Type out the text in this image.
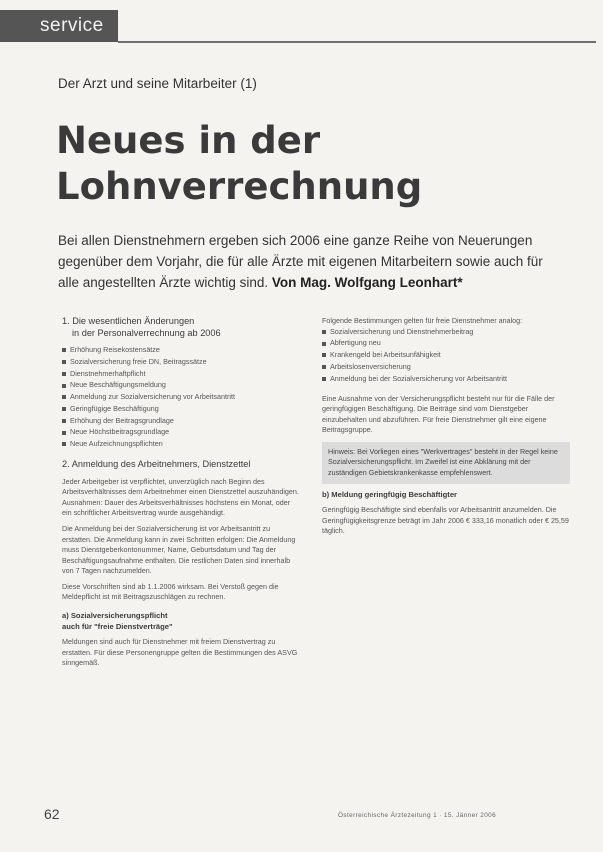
service
Der Arzt und seine Mitarbeiter (1)
Neues in der
Lohnverrechnung

Bei allen Dienstnehmern ergeben sich 2006 eine ganze Reihe von Neuerungen gegenüber dem Vorjahr, die für alle Ärzte mit eigenen Mitarbeitern sowie auch für alle angestellten Ärzte wichtig sind. Von Mag. Wolfgang Leonhart*

1. Die wesentlichen Änderungen
in der Personalverrechnung ab 2006
Erhöhung Reisekostensätze
Sozialversicherung freie DN, Beitragssätze
Dienstnehmerhaftpflicht
Neue Beschäftigungsmeldung
Anmeldung zur Sozialversicherung vor Arbeitsantritt
Geringfügige Beschäftigung
Erhöhung der Beitragsgrundlage
Neue Höchstbeitragsgrundlage
Neue Aufzeichnungspflichten
2. Anmeldung des Arbeitnehmers, Dienstzettel

Jeder Arbeitgeber ist verpflichtet, unverzüglich nach Beginn des Arbeitsverhältnisses dem Arbeitnehmer einen Dienstzettel auszuhändigen. Ausnahmen: Dauer des Arbeitsverhältnisses höchstens ein Monat, oder ein schriftlicher Arbeitsvertrag wurde ausgehändigt.

Die Anmeldung bei der Sozialversicherung ist vor Arbeitsantritt zu erstatten. Die Anmeldung kann in zwei Schritten erfolgen: Die Anmeldung muss Dienstgeberkontonummer, Name, Geburtsdatum und Tag der Beschäftigungsaufnahme enthalten. Die restlichen Daten sind innerhalb von 7 Tagen nachzumelden.

Diese Vorschriften sind ab 1.1.2006 wirksam. Bei Verstoß gegen die Meldepflicht ist mit Beitragszuschlägen zu rechnen.

a) Sozialversicherungspflicht
auch für "freie Dienstverträge"

Meldungen sind auch für Dienstnehmer mit freiem Dienstvertrag zu erstatten. Für diese Personengruppe gelten die Bestimmungen des ASVG sinngemäß.

Folgende Bestimmungen gelten für freie Dienstnehmer analog:

Sozialversicherung und Dienstnehmerbeitrag
Abfertigung neu
Krankengeld bei Arbeitsunfähigkeit
Arbeitslosenversicherung
Anmeldung bei der Sozialversicherung vor Arbeitsantritt

Eine Ausnahme von der Versicherungspflicht besteht nur für die Fälle der geringfügigen Beschäftigung. Die Beiträge sind vom Dienstgeber einzubehalten und abzuführen. Für freie Dienstnehmer gilt eine eigene Beitragsgruppe.

Hinweis: Bei Vorliegen eines "Werkvertrages" besteht in der Regel keine Sozialversicherungspflicht. Im Zweifel ist eine Abklärung mit der zuständigen Gebietskrankenkasse empfehlenswert.
b) Meldung geringfügig Beschäftigter

Geringfügig Beschäftigte sind ebenfalls vor Arbeitsantritt anzumelden. Die Geringfügigkeitsgrenze beträgt im Jahr 2006 € 333,16 monatlich oder € 25,59 täglich.

62	Österreichische Ärztezeitung 1 · 15. Jänner 2006
